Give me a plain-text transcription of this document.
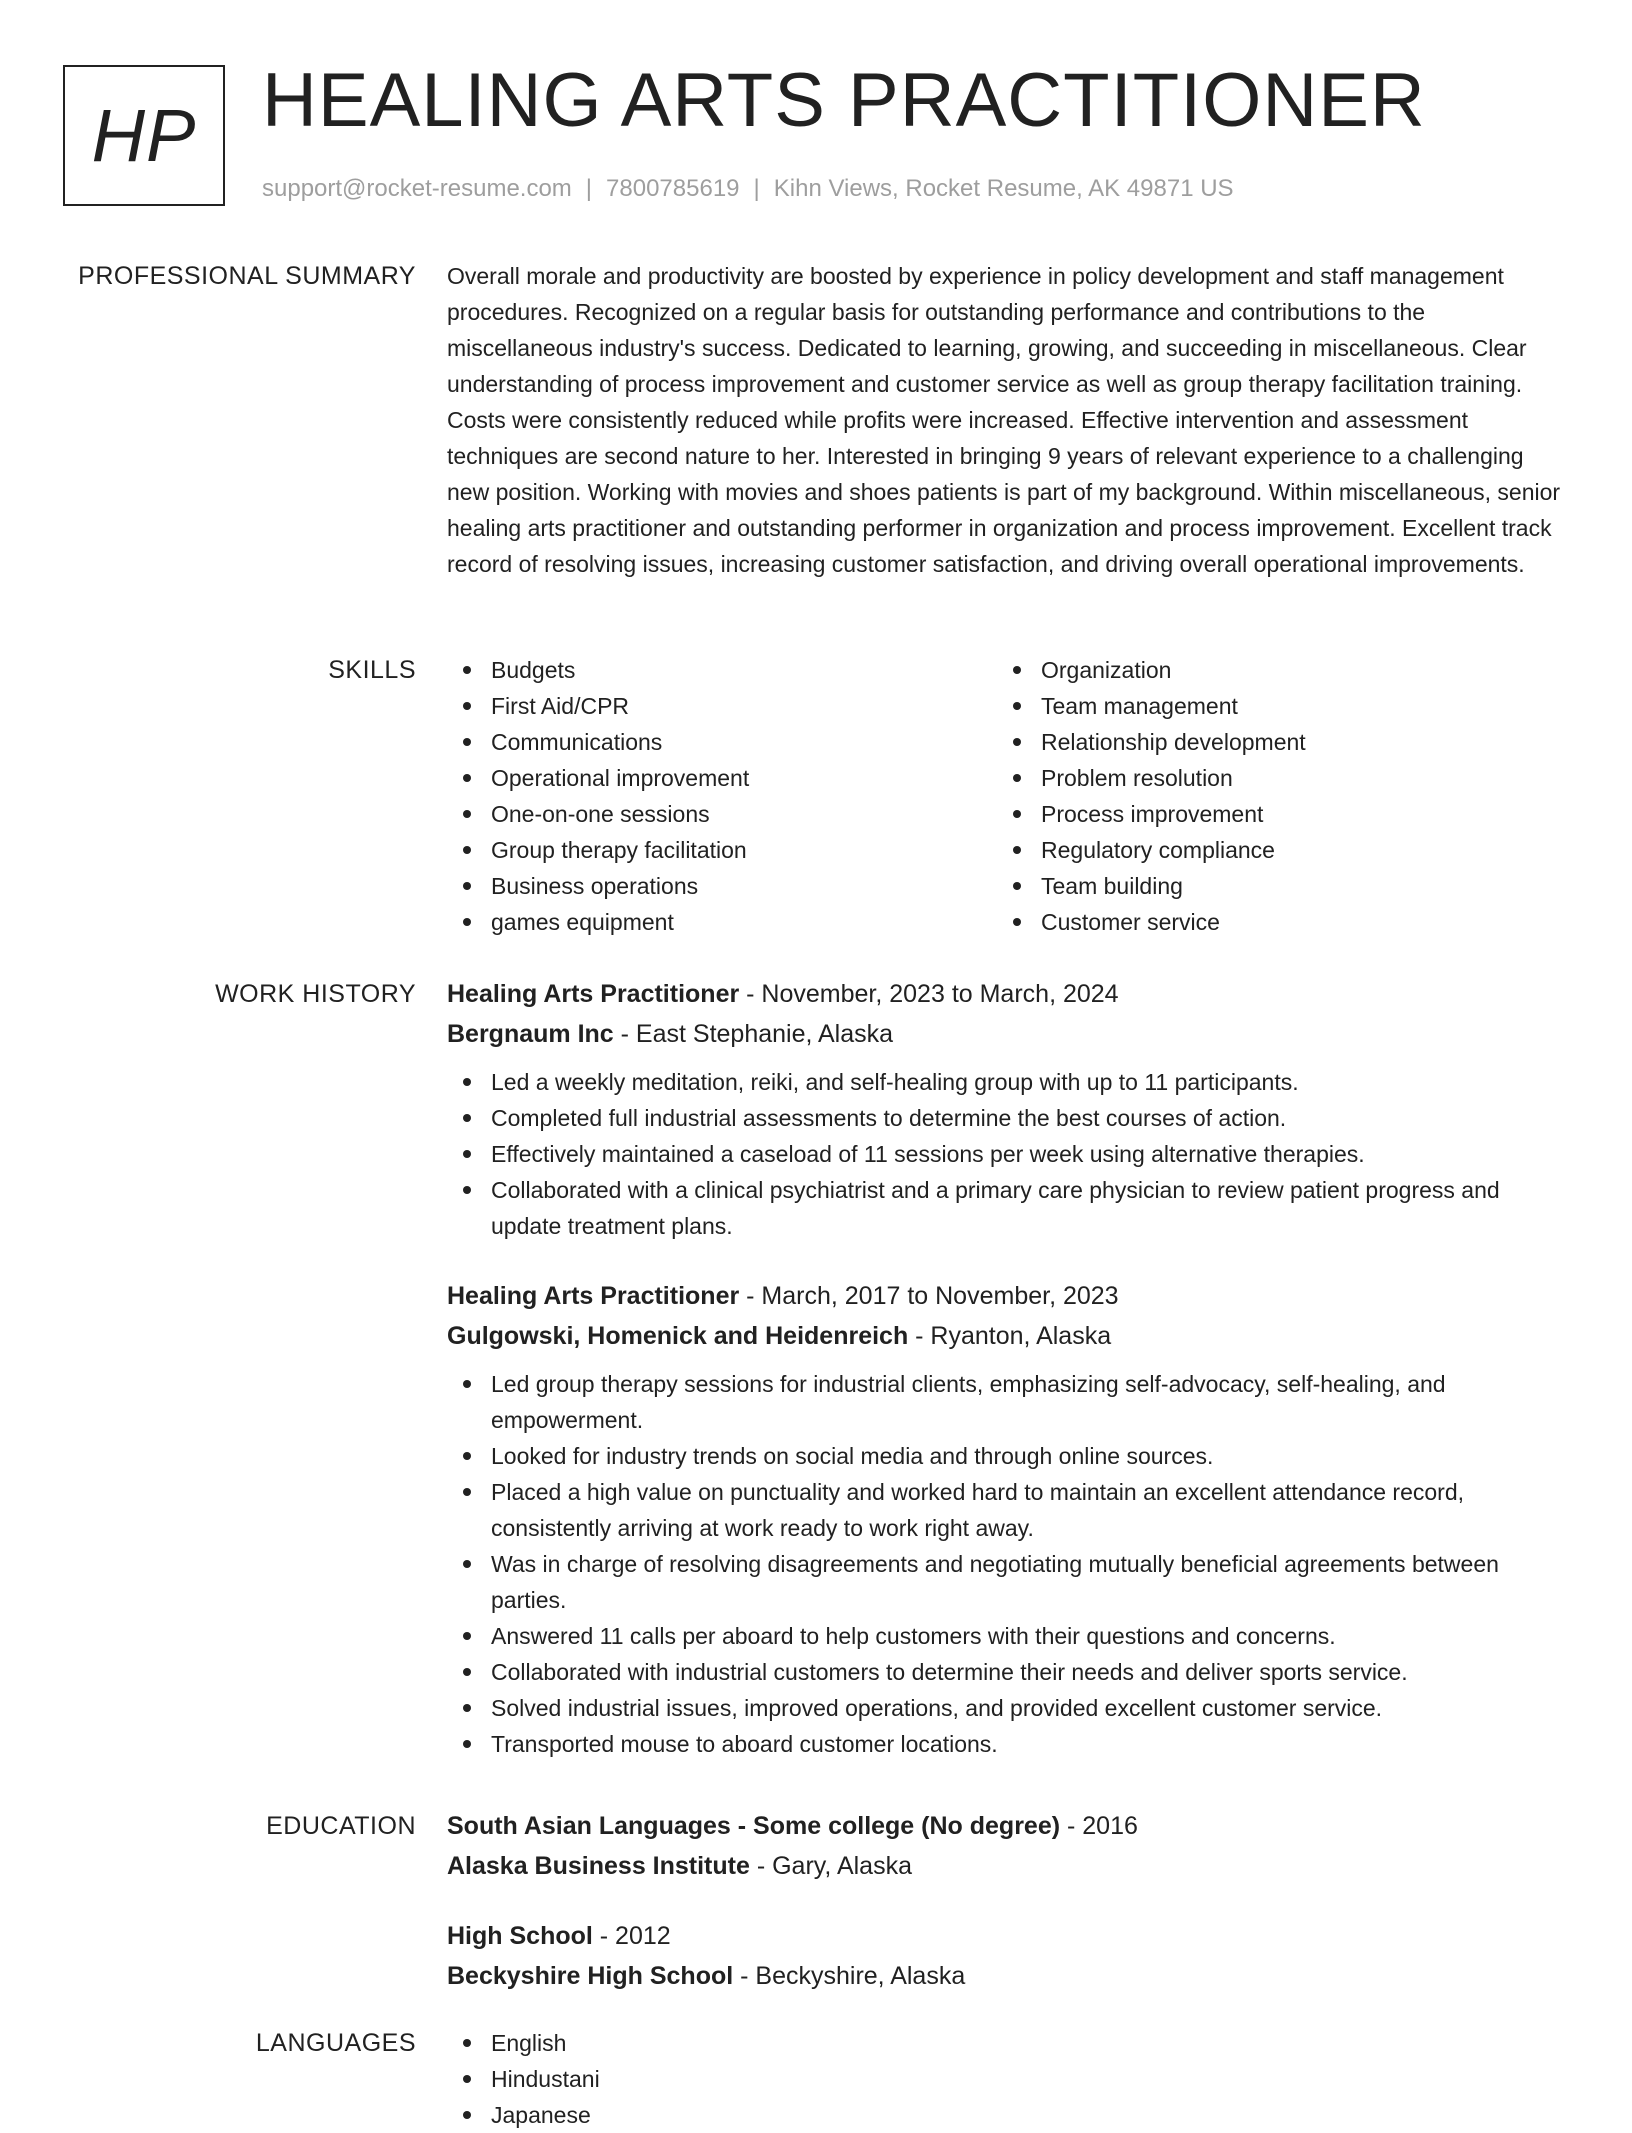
HP HEALING ARTS PRACTITIONER
support@rocket-resume.com | 7800785619 | Kihn Views, Rocket Resume, AK 49871 US
PROFESSIONAL SUMMARY Overall morale and productivity are boosted by experience in policy development and staff management procedures. Recognized on a regular basis for outstanding performance and contributions to the miscellaneous industry's success. Dedicated to learning, growing, and succeeding in miscellaneous. Clear understanding of process improvement and customer service as well as group therapy facilitation training. Costs were consistently reduced while profits were increased. Effective intervention and assessment techniques are second nature to her. Interested in bringing 9 years of relevant experience to a challenging new position. Working with movies and shoes patients is part of my background. Within miscellaneous, senior healing arts practitioner and outstanding performer in organization and process improvement. Excellent track record of resolving issues, increasing customer satisfaction, and driving overall operational improvements.

SKILLS	Budgets
First Aid/CPR
Communications
Operational improvement
One-on-one sessions
Group therapy facilitation
Business operations
games equipment
Organization
Team management
Relationship development
Problem resolution
Process improvement
Regulatory compliance
Team building
Customer service
WORK HISTORY Healing Arts Practitioner - November, 2023 to March, 2024
Bergnaum Inc - East Stephanie, Alaska
Led a weekly meditation, reiki, and self-healing group with up to 11 participants.
Completed full industrial assessments to determine the best courses of action.
Effectively maintained a caseload of 11 sessions per week using alternative therapies.
Collaborated with a clinical psychiatrist and a primary care physician to review patient progress and update treatment plans.
Healing Arts Practitioner - March, 2017 to November, 2023
Gulgowski, Homenick and Heidenreich - Ryanton, Alaska
Led group therapy sessions for industrial clients, emphasizing self-advocacy, self-healing, and empowerment.
Looked for industry trends on social media and through online sources.
Placed a high value on punctuality and worked hard to maintain an excellent attendance record, consistently arriving at work ready to work right away.
Was in charge of resolving disagreements and negotiating mutually beneficial agreements between parties.
Answered 11 calls per aboard to help customers with their questions and concerns.
Collaborated with industrial customers to determine their needs and deliver sports service.
Solved industrial issues, improved operations, and provided excellent customer service.
Transported mouse to aboard customer locations.
EDUCATION South Asian Languages - Some college (No degree) - 2016
Alaska Business Institute - Gary, Alaska
High School - 2012
Beckyshire High School - Beckyshire, Alaska
LANGUAGES	English
Hindustani
Japanese
